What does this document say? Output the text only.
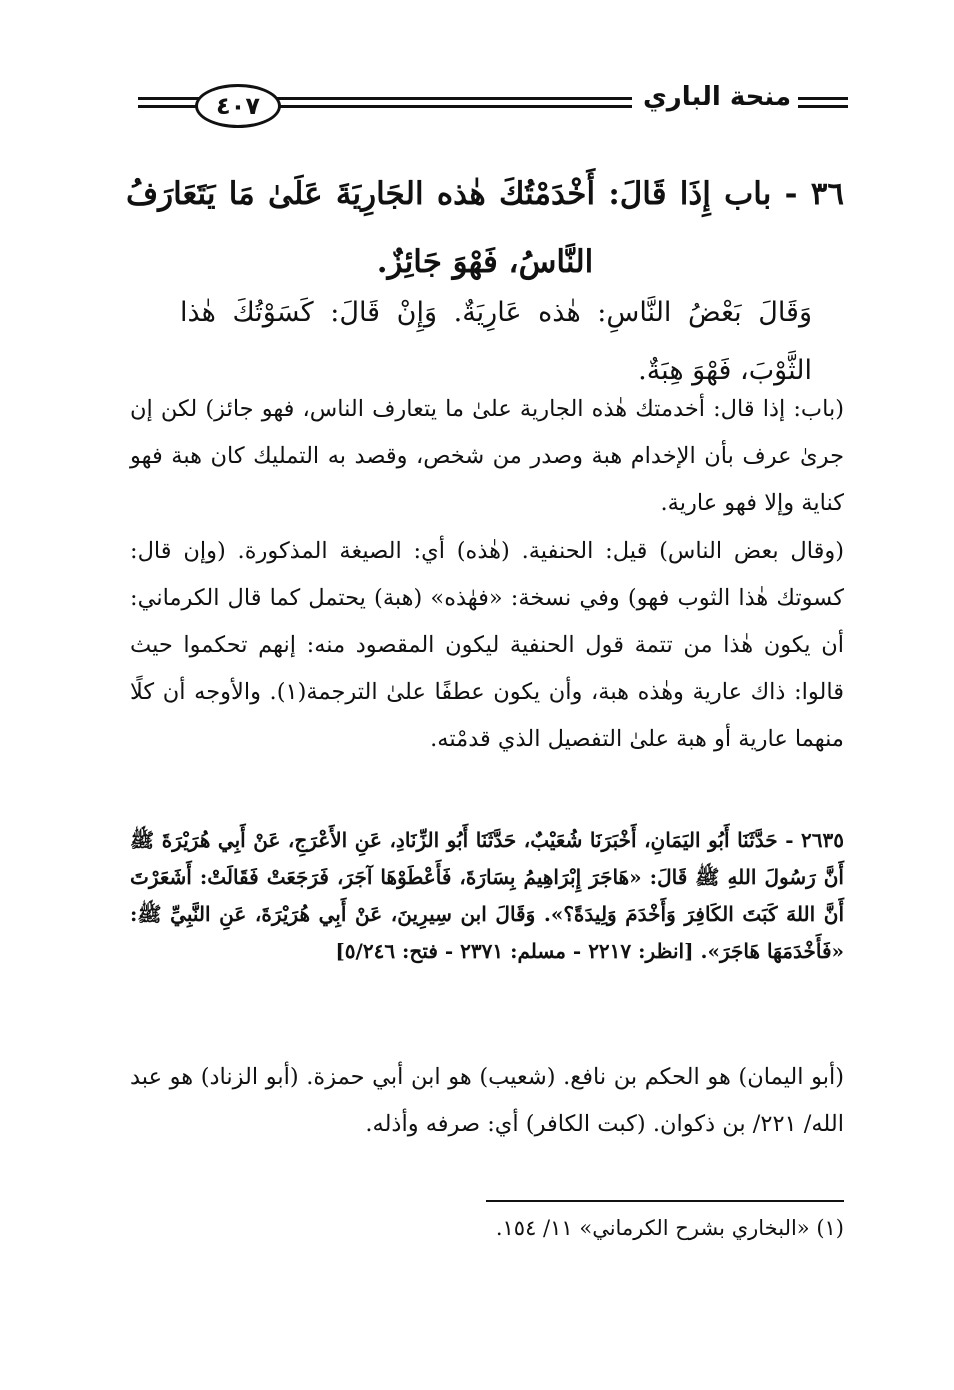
٤٠٧	منحة الباري
٣٦ - باب إِذَا قَالَ: أَخْدَمْتُكَ هٰذه الجَارِيَةَ عَلَىٰ مَا يَتَعَارَفُ
النَّاسُ، فَهْوَ جَائِزٌ.
وَقَالَ بَعْضُ النَّاسِ: هٰذه عَارِيَةٌ. وَإِنْ قَالَ: كَسَوْتُكَ هٰذا الثَّوْبَ، فَهْوَ هِبَةٌ.
(باب: إذا قال: أخدمتك هٰذه الجارية علىٰ ما يتعارف الناس، فهو جائز) لكن إن جرىٰ عرف بأن الإخدام هبة وصدر من شخص، وقصد به التمليك كان هبة فهو كناية وإلا فهو عارية.
(وقال بعض الناس) قيل: الحنفية. (هٰذه) أي: الصيغة المذكورة. (وإن قال: كسوتك هٰذا الثوب فهو) وفي نسخة: «فهٰذه» (هبة) يحتمل كما قال الكرماني: أن يكون هٰذا من تتمة قول الحنفية ليكون المقصود منه: إنهم تحكموا حيث قالوا: ذاك عارية وهٰذه هبة، وأن يكون عطفًا علىٰ الترجمة(١). والأوجه أن كلًا منهما عارية أو هبة علىٰ التفصيل الذي قدمْته.
٢٦٣٥ - حَدَّثَنَا أَبُو اليَمَانِ، أَخْبَرَنَا شُعَيْبٌ، حَدَّثَنَا أَبُو الزِّنَادِ، عَنِ الأَعْرَجِ، عَنْ أَبِي هُرَيْرَةَ ﷺ أَنَّ رَسُولَ اللهِ ﷺ قَالَ: «هَاجَرَ إِبْرَاهِيمُ بِسَارَةَ، فَأَعْطَوْهَا آجَرَ، فَرَجَعَتْ فَقَالَتْ: أَشَعَرْتَ أَنَّ اللهَ كَبَتَ الكَافِرَ وَأَخْدَمَ وَلِيدَةً؟». وَقَالَ ابن سِيرِينَ، عَنْ أَبِي هُرَيْرَةَ، عَنِ النَّبِيِّ ﷺ: «فَأَخْدَمَهَا هَاجَرَ». [انظر: ٢٢١٧ - مسلم: ٢٣٧١ - فتح: ٥/٢٤٦]
(أبو اليمان) هو الحكم بن نافع. (شعيب) هو ابن أبي حمزة. (أبو الزناد) هو عبد الله/ ٢٢١/ بن ذكوان. (كبت الكافر) أي: صرفه وأذله.
(١) «البخاري بشرح الكرماني» ١١/ ١٥٤.
